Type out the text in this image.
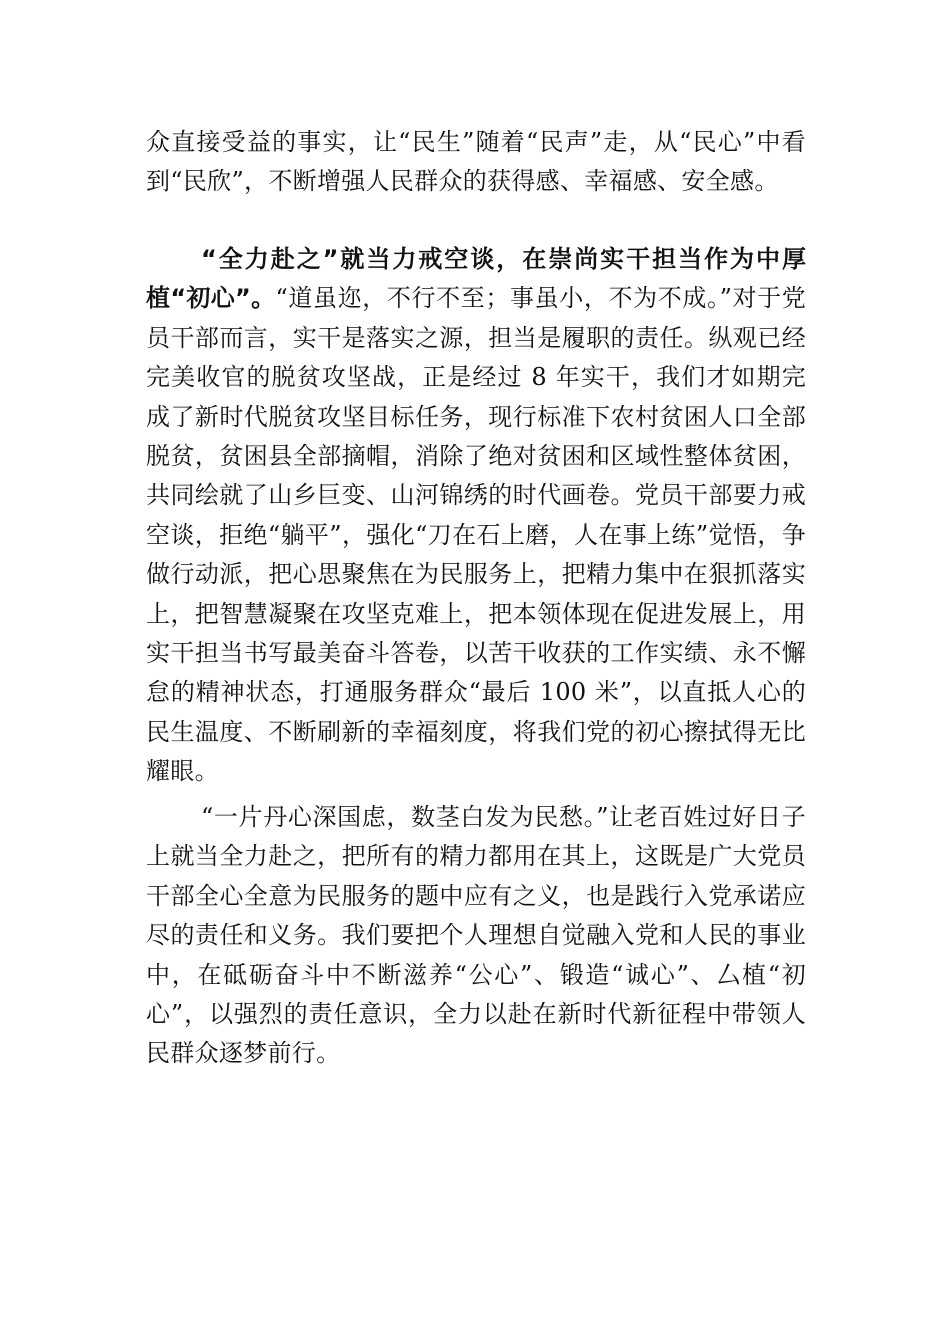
众直接受益的事实，让“民生”随着“民声”走，从“民心”中看到“民欣”，不断增强人民群众的获得感、幸福感、安全感。

“全力赴之”就当力戒空谈，在崇尚实干担当作为中厚植“初心”。“道虽迩，不行不至；事虽小，不为不成。”对于党员干部而言，实干是落实之源，担当是履职的责任。纵观已经完美收官的脱贫攻坚战，正是经过 8 年实干，我们才如期完成了新时代脱贫攻坚目标任务，现行标准下农村贫困人口全部脱贫，贫困县全部摘帽，消除了绝对贫困和区域性整体贫困，共同绘就了山乡巨变、山河锦绣的时代画卷。党员干部要力戒空谈，拒绝“躺平”，强化“刀在石上磨，人在事上练”觉悟，争做行动派，把心思聚焦在为民服务上，把精力集中在狠抓落实上，把智慧凝聚在攻坚克难上，把本领体现在促进发展上，用实干担当书写最美奋斗答卷，以苦干收获的工作实绩、永不懈怠的精神状态，打通服务群众“最后 100 米”，以直抵人心的民生温度、不断刷新的幸福刻度，将我们党的初心擦拭得无比耀眼。

“一片丹心深国虑，数茎白发为民愁。”让老百姓过好日子上就当全力赴之，把所有的精力都用在其上，这既是广大党员干部全心全意为民服务的题中应有之义，也是践行入党承诺应尽的责任和义务。我们要把个人理想自觉融入党和人民的事业中，在砥砺奋斗中不断滋养“公心”、锻造“诚心”、厶植“初心”，以强烈的责任意识，全力以赴在新时代新征程中带领人民群众逐梦前行。
